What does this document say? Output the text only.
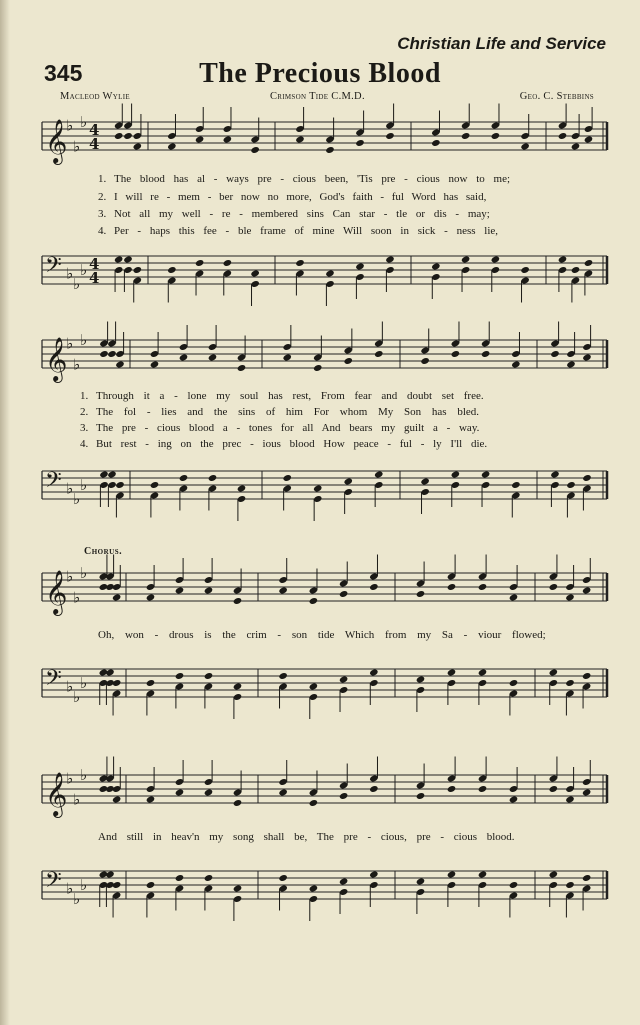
Christian Life and Service
345	The Precious Blood
Macleod Wylie	Crimson Tide C.M.D.	Geo. C. Stebbins
𝄞
♭
♭
♭ 4
4
1. The blood has al - ways pre - cious been, 'Tis pre - cious now to me;
2. I will re - mem - ber now no more, God's faith - ful Word has said,
3. Not all my well - re - membered sins Can star - tle or dis - may;
4. Per - haps this fee - ble frame of mine Will soon in sick - ness lie,
𝄢 ♭
♭
♭ 4
4
𝄞
♭
♭
♭
1. Through it a - lone my soul has rest, From fear and doubt set free.
2. The fol - lies and the sins of him For whom My Son has bled.
3. The pre - cious blood a - tones for all And bears my guilt a - way.
4. But rest - ing on the prec - ious blood How peace - ful - ly I'll die.
𝄢 ♭
♭
♭
Chorus.
𝄞
♭
♭
♭
Oh, won - drous is the crim - son tide Which from my Sa - viour flowed;
𝄢 ♭
♭
♭
𝄞
♭
♭
♭
And still in heav'n my song shall be, The pre - cious, pre - cious blood.
𝄢 ♭
♭
♭
